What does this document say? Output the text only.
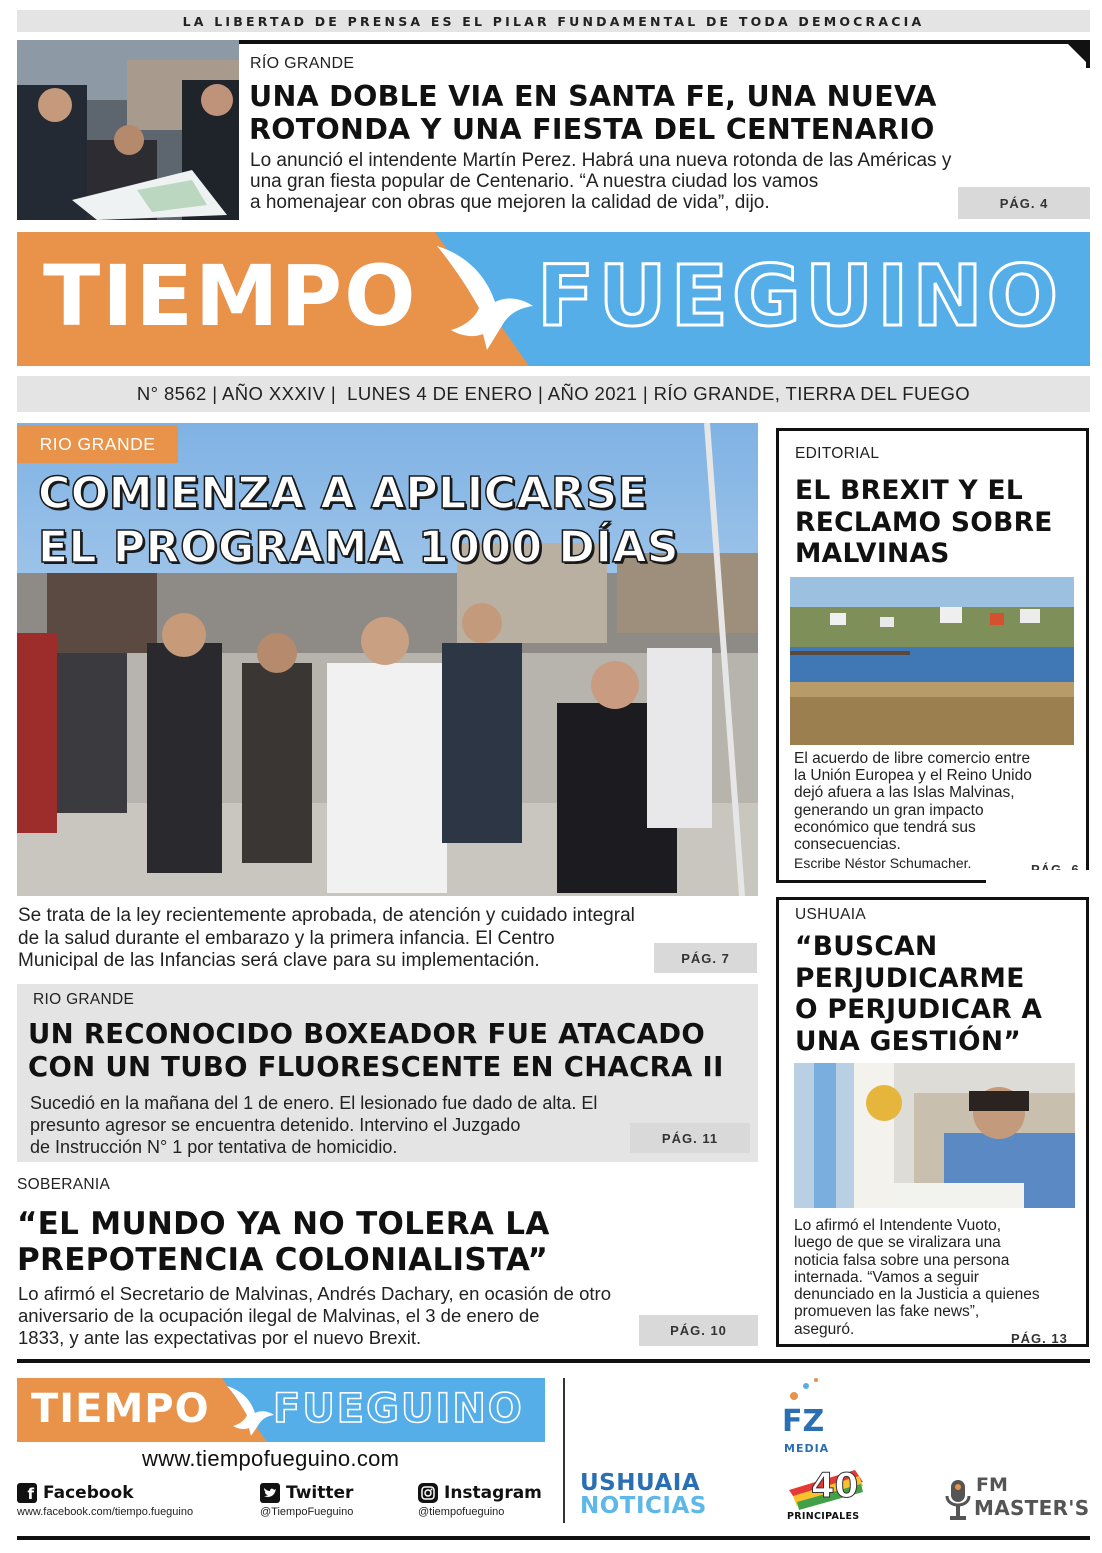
LA LIBERTAD DE PRENSA ES EL PILAR FUNDAMENTAL DE TODA DEMOCRACIA
RÍO GRANDE
UNA DOBLE VIA EN SANTA FE, UNA NUEVA
ROTONDA Y UNA FIESTA DEL CENTENARIO
Lo anunció el intendente Martín Perez. Habrá una nueva rotonda de las Américas y
una gran fiesta popular de Centenario. “A nuestra ciudad los vamos
a homenajear con obras que mejoren la calidad de vida”, dijo.	PÁG. 4
TIEMPO FUEGUINO
N° 8562 | AÑO XXXIV |  LUNES 4 DE ENERO | AÑO 2021 | RÍO GRANDE, TIERRA DEL FUEGO
RIO GRANDE
COMIENZA A APLICARSE
EL PROGRAMA 1000 DÍAS
Se trata de la ley recientemente aprobada, de atención y cuidado integral
de la salud durante el embarazo y la primera infancia. El Centro
Municipal de las Infancias será clave para su implementación.	PÁG. 7
RIO GRANDE
UN RECONOCIDO BOXEADOR FUE ATACADO
CON UN TUBO FLUORESCENTE EN CHACRA II
Sucedió en la mañana del 1 de enero. El lesionado fue dado de alta. El
presunto agresor se encuentra detenido. Intervino el Juzgado
de Instrucción N° 1 por tentativa de homicidio.	PÁG. 11
SOBERANIA
“EL MUNDO YA NO TOLERA LA
PREPOTENCIA COLONIALISTA”
Lo afirmó el Secretario de Malvinas, Andrés Dachary, en ocasión de otro
aniversario de la ocupación ilegal de Malvinas, el 3 de enero de
1833, y ante las expectativas por el nuevo Brexit.	PÁG. 10
EDITORIAL
EL BREXIT Y EL
RECLAMO SOBRE
MALVINAS
El acuerdo de libre comercio entre
la Unión Europea y el Reino Unido
dejó afuera a las Islas Malvinas,
generando un gran impacto
económico que tendrá sus
consecuencias.
Escribe Néstor Schumacher.
USHUAIA
“BUSCAN
PERJUDICARME
O PERJUDICAR A
UNA GESTIÓN”
Lo afirmó el Intendente Vuoto,
luego de que se viralizara una
noticia falsa sobre una persona
internada. “Vamos a seguir
denunciado en la Justicia a quienes
promueven las fake news”,
aseguró.
PÁG. 13
TIEMPO FUEGUINO
www.tiempofueguino.com
f Facebook
www.facebook.com/tiempo.fueguino
Twitter
@TiempoFueguino
Instagram
@tiempofueguino
FZ
MEDIA
USHUAIA
NOTICIAS	40
PRINCIPALES
FM
MASTER'S
